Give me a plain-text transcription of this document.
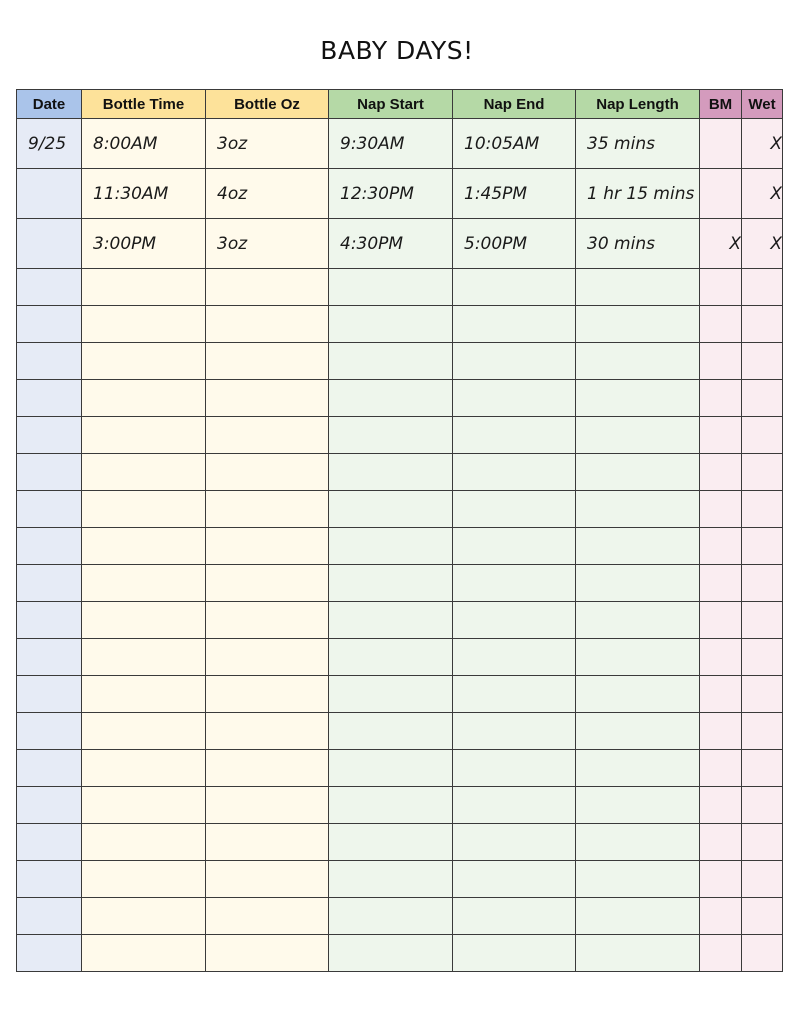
BABY DAYS!
Date	Bottle Time	Bottle Oz	Nap Start	Nap End	Nap Length	BM	Wet
9/25	8:00AM	3oz	9:30AM	10:05AM	35 mins		X
	11:30AM	4oz	12:30PM	1:45PM	1 hr 15 mins		X
	3:00PM	3oz	4:30PM	5:00PM	30 mins	X	X
